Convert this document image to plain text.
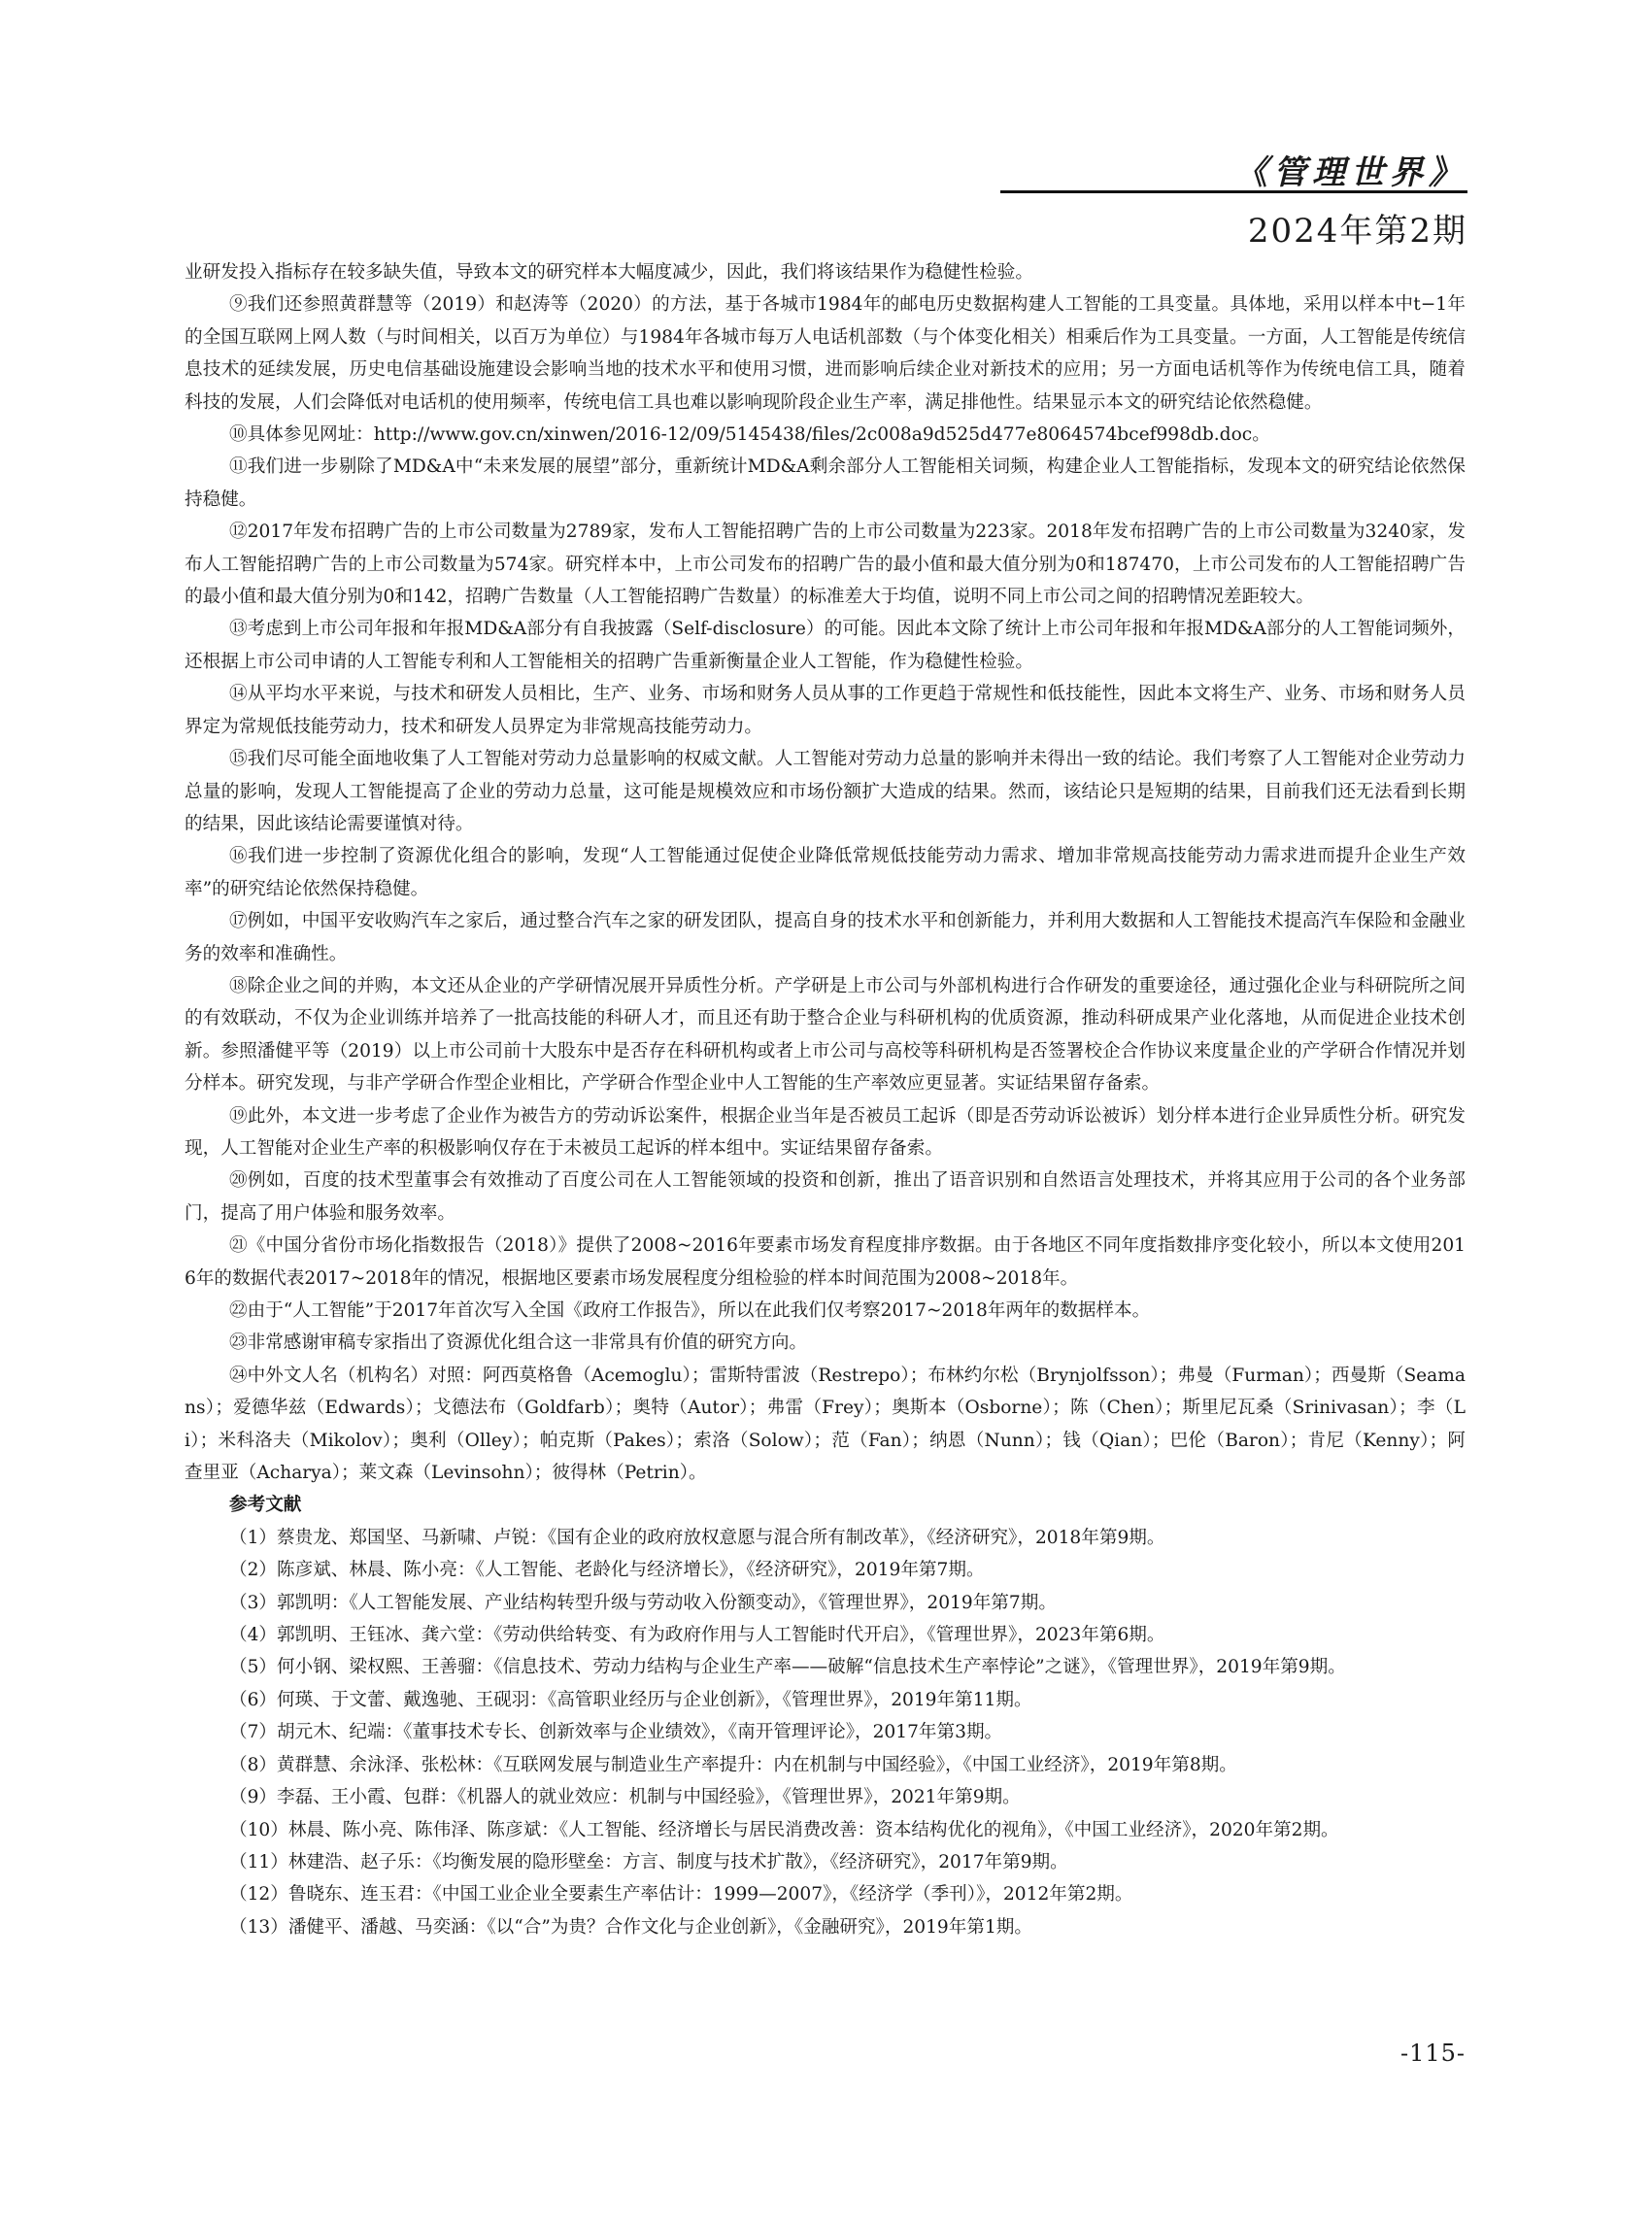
《管理世界》
2024年第2期

业研发投入指标存在较多缺失值，导致本文的研究样本大幅度减少，因此，我们将该结果作为稳健性检验。

⑨我们还参照黄群慧等（2019）和赵涛等（2020）的方法，基于各城市1984年的邮电历史数据构建人工智能的工具变量。具体地，采用以样本中t−1年的全国互联网上网人数（与时间相关，以百万为单位）与1984年各城市每万人电话机部数（与个体变化相关）相乘后作为工具变量。一方面，人工智能是传统信息技术的延续发展，历史电信基础设施建设会影响当地的技术水平和使用习惯，进而影响后续企业对新技术的应用；另一方面电话机等作为传统电信工具，随着科技的发展，人们会降低对电话机的使用频率，传统电信工具也难以影响现阶段企业生产率，满足排他性。结果显示本文的研究结论依然稳健。

⑩具体参见网址：http://www.gov.cn/xinwen/2016-12/09/5145438/files/2c008a9d525d477e8064574bcef998db.doc。

⑪我们进一步剔除了MD&A中“未来发展的展望”部分，重新统计MD&A剩余部分人工智能相关词频，构建企业人工智能指标，发现本文的研究结论依然保持稳健。

⑫2017年发布招聘广告的上市公司数量为2789家，发布人工智能招聘广告的上市公司数量为223家。2018年发布招聘广告的上市公司数量为3240家，发布人工智能招聘广告的上市公司数量为574家。研究样本中，上市公司发布的招聘广告的最小值和最大值分别为0和187470，上市公司发布的人工智能招聘广告的最小值和最大值分别为0和142，招聘广告数量（人工智能招聘广告数量）的标准差大于均值，说明不同上市公司之间的招聘情况差距较大。

⑬考虑到上市公司年报和年报MD&A部分有自我披露（Self-disclosure）的可能。因此本文除了统计上市公司年报和年报MD&A部分的人工智能词频外，还根据上市公司申请的人工智能专利和人工智能相关的招聘广告重新衡量企业人工智能，作为稳健性检验。

⑭从平均水平来说，与技术和研发人员相比，生产、业务、市场和财务人员从事的工作更趋于常规性和低技能性，因此本文将生产、业务、市场和财务人员界定为常规低技能劳动力，技术和研发人员界定为非常规高技能劳动力。

⑮我们尽可能全面地收集了人工智能对劳动力总量影响的权威文献。人工智能对劳动力总量的影响并未得出一致的结论。我们考察了人工智能对企业劳动力总量的影响，发现人工智能提高了企业的劳动力总量，这可能是规模效应和市场份额扩大造成的结果。然而，该结论只是短期的结果，目前我们还无法看到长期的结果，因此该结论需要谨慎对待。

⑯我们进一步控制了资源优化组合的影响，发现“人工智能通过促使企业降低常规低技能劳动力需求、增加非常规高技能劳动力需求进而提升企业生产效率”的研究结论依然保持稳健。

⑰例如，中国平安收购汽车之家后，通过整合汽车之家的研发团队，提高自身的技术水平和创新能力，并利用大数据和人工智能技术提高汽车保险和金融业务的效率和准确性。

⑱除企业之间的并购，本文还从企业的产学研情况展开异质性分析。产学研是上市公司与外部机构进行合作研发的重要途径，通过强化企业与科研院所之间的有效联动，不仅为企业训练并培养了一批高技能的科研人才，而且还有助于整合企业与科研机构的优质资源，推动科研成果产业化落地，从而促进企业技术创新。参照潘健平等（2019）以上市公司前十大股东中是否存在科研机构或者上市公司与高校等科研机构是否签署校企合作协议来度量企业的产学研合作情况并划分样本。研究发现，与非产学研合作型企业相比，产学研合作型企业中人工智能的生产率效应更显著。实证结果留存备索。

⑲此外，本文进一步考虑了企业作为被告方的劳动诉讼案件，根据企业当年是否被员工起诉（即是否劳动诉讼被诉）划分样本进行企业异质性分析。研究发现，人工智能对企业生产率的积极影响仅存在于未被员工起诉的样本组中。实证结果留存备索。

⑳例如，百度的技术型董事会有效推动了百度公司在人工智能领域的投资和创新，推出了语音识别和自然语言处理技术，并将其应用于公司的各个业务部门，提高了用户体验和服务效率。

㉑《中国分省份市场化指数报告（2018）》提供了2008~2016年要素市场发育程度排序数据。由于各地区不同年度指数排序变化较小，所以本文使用2016年的数据代表2017~2018年的情况，根据地区要素市场发展程度分组检验的样本时间范围为2008~2018年。

㉒由于“人工智能”于2017年首次写入全国《政府工作报告》，所以在此我们仅考察2017~2018年两年的数据样本。

㉓非常感谢审稿专家指出了资源优化组合这一非常具有价值的研究方向。

㉔中外文人名（机构名）对照：阿西莫格鲁（Acemoglu）；雷斯特雷波（Restrepo）；布林约尔松（Brynjolfsson）；弗曼（Furman）；西曼斯（Seamans）；爱德华兹（Edwards）；戈德法布（Goldfarb）；奥特（Autor）；弗雷（Frey）；奥斯本（Osborne）；陈（Chen）；斯里尼瓦桑（Srinivasan）；李（Li）；米科洛夫（Mikolov）；奥利（Olley）；帕克斯（Pakes）；索洛（Solow）；范（Fan）；纳恩（Nunn）；钱（Qian）；巴伦（Baron）；肯尼（Kenny）；阿查里亚（Acharya）；莱文森（Levinsohn）；彼得林（Petrin）。

参考文献

（1）蔡贵龙、郑国坚、马新啸、卢锐：《国有企业的政府放权意愿与混合所有制改革》，《经济研究》，2018年第9期。

（2）陈彦斌、林晨、陈小亮：《人工智能、老龄化与经济增长》，《经济研究》，2019年第7期。

（3）郭凯明：《人工智能发展、产业结构转型升级与劳动收入份额变动》，《管理世界》，2019年第7期。

（4）郭凯明、王钰冰、龚六堂：《劳动供给转变、有为政府作用与人工智能时代开启》，《管理世界》，2023年第6期。

（5）何小钢、梁权熙、王善骝：《信息技术、劳动力结构与企业生产率——破解“信息技术生产率悖论”之谜》，《管理世界》，2019年第9期。

（6）何瑛、于文蕾、戴逸驰、王砚羽：《高管职业经历与企业创新》，《管理世界》，2019年第11期。

（7）胡元木、纪端：《董事技术专长、创新效率与企业绩效》，《南开管理评论》，2017年第3期。

（8）黄群慧、余泳泽、张松林：《互联网发展与制造业生产率提升：内在机制与中国经验》，《中国工业经济》，2019年第8期。

（9）李磊、王小霞、包群：《机器人的就业效应：机制与中国经验》，《管理世界》，2021年第9期。

（10）林晨、陈小亮、陈伟泽、陈彦斌：《人工智能、经济增长与居民消费改善：资本结构优化的视角》，《中国工业经济》，2020年第2期。

（11）林建浩、赵子乐：《均衡发展的隐形壁垒：方言、制度与技术扩散》，《经济研究》，2017年第9期。

（12）鲁晓东、连玉君：《中国工业企业全要素生产率估计：1999—2007》，《经济学（季刊）》，2012年第2期。

（13）潘健平、潘越、马奕涵：《以“合”为贵？合作文化与企业创新》，《金融研究》，2019年第1期。

-115-
